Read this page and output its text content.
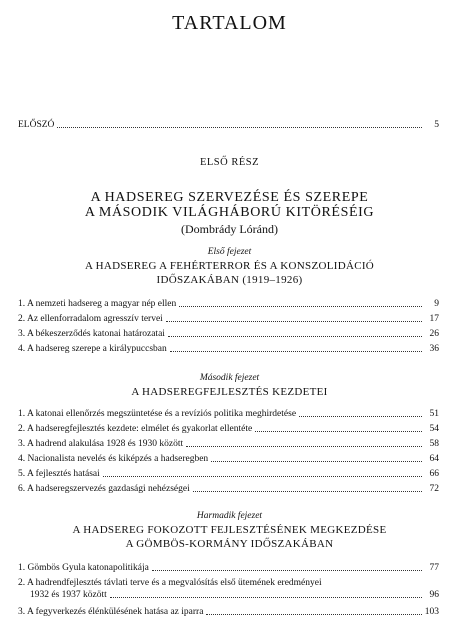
TARTALOM
ELŐSZÓ	5
ELSŐ RÉSZ
A HADSEREG SZERVEZÉSE ÉS SZEREPE
A MÁSODIK VILÁGHÁBORÚ KITÖRÉSÉIG
(Dombrády Lóránd)
Első fejezet
A HADSEREG A FEHÉRTERROR ÉS A KONSZOLIDÁCIÓ
IDŐSZAKÁBAN (1919–1926)
1. A nemzeti hadsereg a magyar nép ellen	9
2. Az ellenforradalom agresszív tervei	17
3. A békeszerződés katonai határozatai	26
4. A hadsereg szerepe a királypuccsban	36
Második fejezet
A HADSEREGFEJLESZTÉS KEZDETEI
1. A katonai ellenőrzés megszüntetése és a revíziós politika meghirdetése	51
2. A hadseregfejlesztés kezdete: elmélet és gyakorlat ellentéte	54
3. A hadrend alakulása 1928 és 1930 között	58
4. Nacionalista nevelés és kiképzés a hadseregben	64
5. A fejlesztés hatásai	66
6. A hadseregszervezés gazdasági nehézségei	72
Harmadik fejezet
A HADSEREG FOKOZOTT FEJLESZTÉSÉNEK MEGKEZDÉSE
A GÖMBÖS-KORMÁNY IDŐSZAKÁBAN
1. Gömbös Gyula katonapolitikája	77
2. A hadrendfejlesztés távlati terve és a megvalósítás első ütemének eredményei
1932 és 1937 között	96
3. A fegyverkezés élénkülésének hatása az iparra	103
